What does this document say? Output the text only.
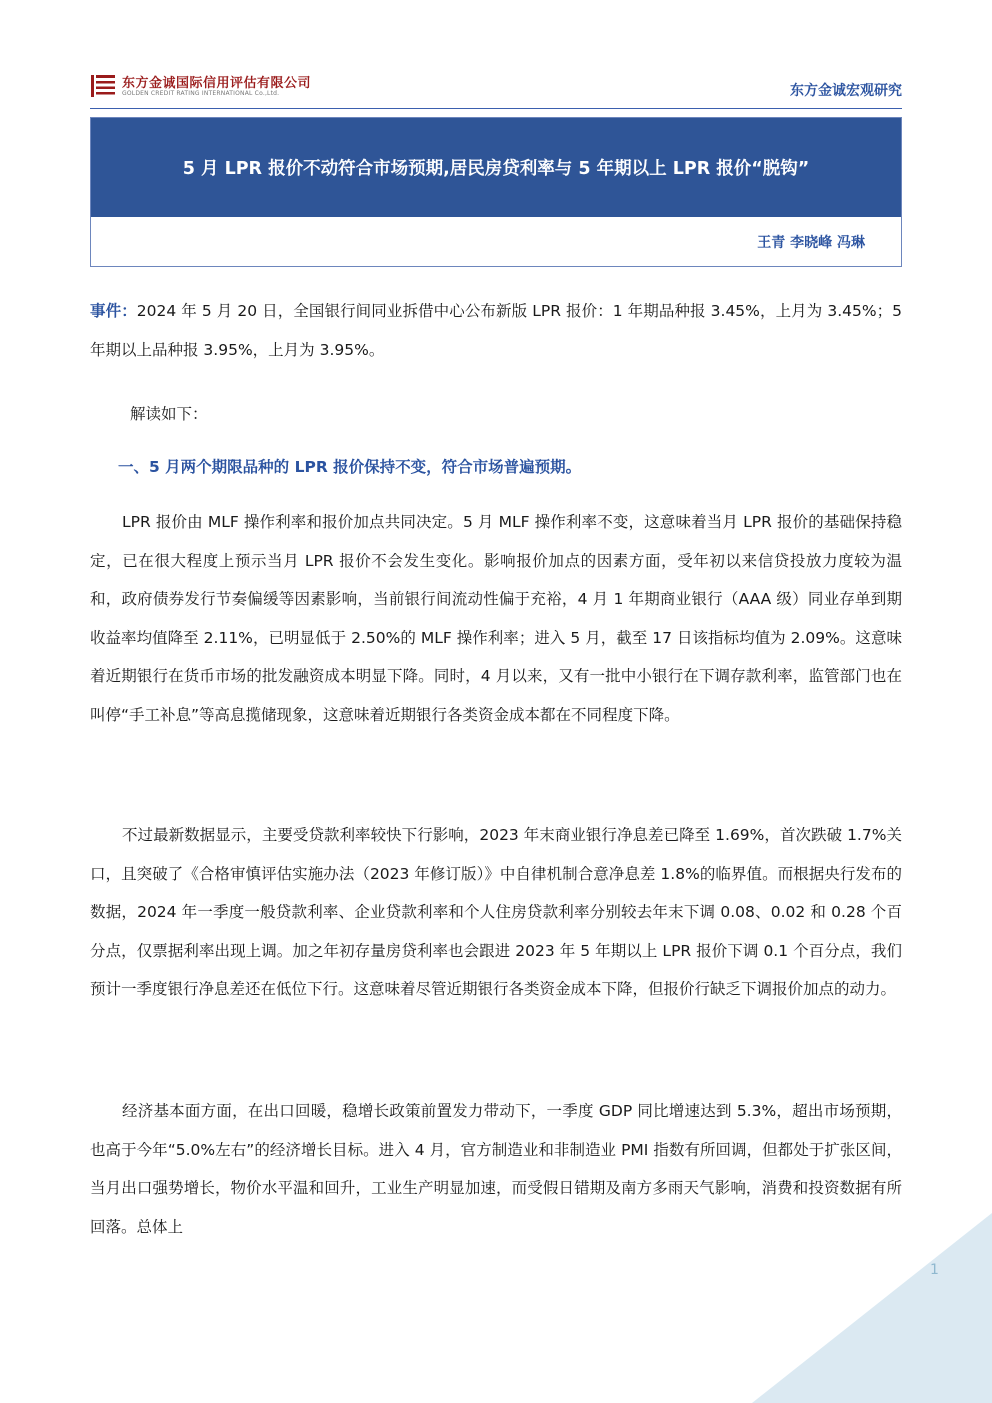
东方金诚国际信用评估有限公司
GOLDEN CREDIT RATING INTERNATIONAL Co.,Ltd.	东方金诚宏观研究
5 月 LPR 报价不动符合市场预期,居民房贷利率与 5 年期以上 LPR 报价“脱钩”
王青 李晓峰 冯琳
事件：2024 年 5 月 20 日，全国银行间同业拆借中心公布新版 LPR 报价：1 年期品种报 3.45%，上月为 3.45%；5 年期以上品种报 3.95%，上月为 3.95%。
解读如下：
一、5 月两个期限品种的 LPR 报价保持不变，符合市场普遍预期。
LPR 报价由 MLF 操作利率和报价加点共同决定。5 月 MLF 操作利率不变，这意味着当月 LPR 报价的基础保持稳定，已在很大程度上预示当月 LPR 报价不会发生变化。影响报价加点的因素方面，受年初以来信贷投放力度较为温和，政府债券发行节奏偏缓等因素影响，当前银行间流动性偏于充裕，4 月 1 年期商业银行（AAA 级）同业存单到期收益率均值降至 2.11%，已明显低于 2.50%的 MLF 操作利率；进入 5 月，截至 17 日该指标均值为 2.09%。这意味着近期银行在货币市场的批发融资成本明显下降。同时，4 月以来，又有一批中小银行在下调存款利率，监管部门也在叫停“手工补息”等高息揽储现象，这意味着近期银行各类资金成本都在不同程度下降。
不过最新数据显示，主要受贷款利率较快下行影响，2023 年末商业银行净息差已降至 1.69%，首次跌破 1.7%关口，且突破了《合格审慎评估实施办法（2023 年修订版）》中自律机制合意净息差 1.8%的临界值。而根据央行发布的数据，2024 年一季度一般贷款利率、企业贷款利率和个人住房贷款利率分别较去年末下调 0.08、0.02 和 0.28 个百分点，仅票据利率出现上调。加之年初存量房贷利率也会跟进 2023 年 5 年期以上 LPR 报价下调 0.1 个百分点，我们预计一季度银行净息差还在低位下行。这意味着尽管近期银行各类资金成本下降，但报价行缺乏下调报价加点的动力。
经济基本面方面，在出口回暖，稳增长政策前置发力带动下，一季度 GDP 同比增速达到 5.3%，超出市场预期，也高于今年“5.0%左右”的经济增长目标。进入 4 月，官方制造业和非制造业 PMI 指数有所回调，但都处于扩张区间，当月出口强势增长，物价水平温和回升，工业生产明显加速，而受假日错期及南方多雨天气影响，消费和投资数据有所回落。总体上
1
